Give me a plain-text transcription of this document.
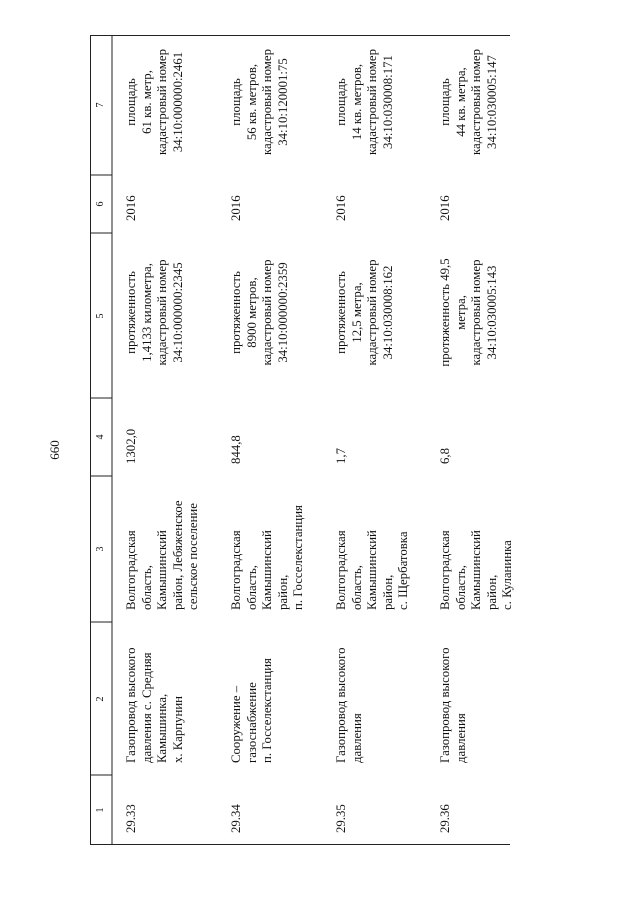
660
1
2
3
4
5
6
7
29.33
Газопровод высокого давления с. Средняя Камышинка, х. Карпунин
Волгоградская область, Камышинский район, Лебяженское сельское поселение
1302,0
протяженность 1,4133 километра, кадастровый номер 34:10:000000:2345
2016
площадь 61 кв. метр, кадастровый номер 34:10:000000:2461
29.34
Сооружение – газоснабжение п. Госселекстанция
Волгоградская область, Камышинский район, п. Госселекстанция
844,8
протяженность 8900 метров, кадастровый номер 34:10:000000:2359
2016
площадь 56 кв. метров, кадастровый номер 34:10:120001:75
29.35
Газопровод высокого давления
Волгоградская область, Камышинский район, с. Щербатовка
1,7
протяженность 12,5 метра, кадастровый номер 34:10:030008:162
2016
площадь 14 кв. метров, кадастровый номер 34:10:030008:171
29.36
Газопровод высокого давления
Волгоградская область, Камышинский район, с. Куланинка
6,8
протяженность 49,5 метра, кадастровый номер 34:10:030005:143
2016
площадь 44 кв. метра, кадастровый номер 34:10:030005:147
